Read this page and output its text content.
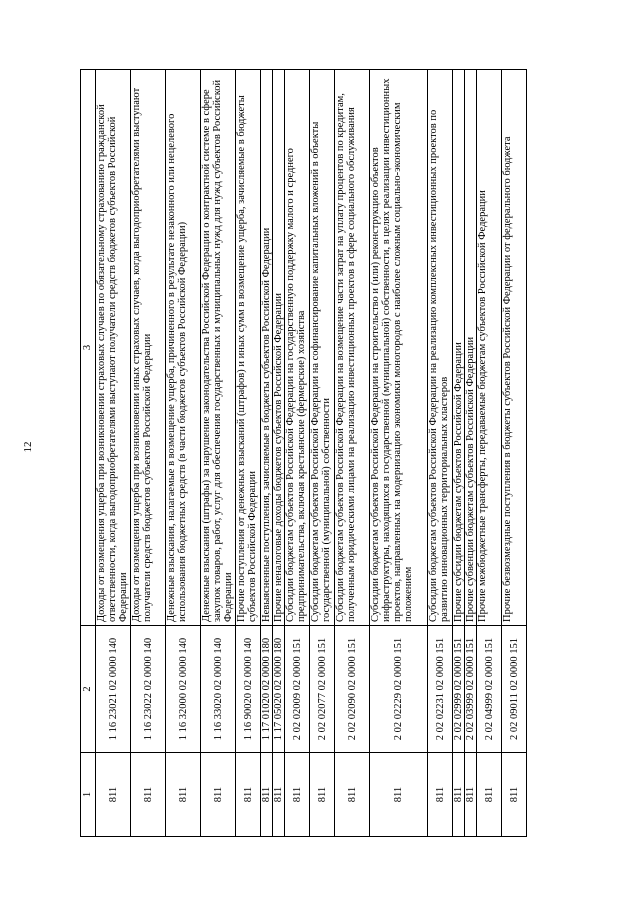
12
1	2	3
811	1 16 23021 02 0000 140	Доходы от возмещения ущерба при возникновении страховых случаев по обязательному страхованию гражданской ответственности, когда выгодоприобретателями выступают получатели средств бюджетов субъектов Российской Федерации
811	1 16 23022 02 0000 140	Доходы от возмещения ущерба при возникновении иных страховых случаев, когда выгодоприобретателями выступают получатели средств бюджетов субъектов Российской Федерации
811	1 16 32000 02 0000 140	Денежные взыскания, налагаемые в возмещение ущерба, причиненного в результате незаконного или нецелевого использования бюджетных средств (в части бюджетов субъектов Российской Федерации)
811	1 16 33020 02 0000 140	Денежные взыскания (штрафы) за нарушение законодательства Российской Федерации о контрактной системе в сфере закупок товаров, работ, услуг для обеспечения государственных и муниципальных нужд для нужд субъектов Российской Федерации
811	1 16 90020 02 0000 140	Прочие поступления от денежных взысканий (штрафов) и иных сумм в возмещение ущерба, зачисляемые в бюджеты субъектов Российской Федерации
811	1 17 01020 02 0000 180	Невыясненные поступления, зачисляемые в бюджеты субъектов Российской Федерации
811	1 17 05020 02 0000 180	Прочие неналоговые доходы бюджетов субъектов Российской Федерации
811	2 02 02009 02 0000 151	Субсидии бюджетам субъектов Российской Федерации на государственную поддержку малого и среднего предпринимательства, включая крестьянские (фермерские) хозяйства
811	2 02 02077 02 0000 151	Субсидии бюджетам субъектов Российской Федерации на софинансирование капитальных вложений в объекты государственной (муниципальной) собственности
811	2 02 02090 02 0000 151	Субсидии бюджетам субъектов Российской Федерации на возмещение части затрат на уплату процентов по кредитам, полученным юридическими лицами на реализацию инвестиционных проектов в сфере социального обслуживания
811	2 02 02229 02 0000 151	Субсидии бюджетам субъектов Российской Федерации на строительство и (или) реконструкцию объектов инфраструктуры, находящихся в государственной (муниципальной) собственности, в целях реализации инвестиционных проектов, направленных на модернизацию экономики моногородов с наиболее сложным социально-экономическим положением
811	2 02 02231 02 0000 151	Субсидии бюджетам субъектов Российской Федерации на реализацию комплексных инвестиционных проектов по развитию инновационных территориальных кластеров
811	2 02 02999 02 0000 151	Прочие субсидии бюджетам субъектов Российской Федерации
811	2 02 03999 02 0000 151	Прочие субвенции бюджетам субъектов Российской Федерации
811	2 02 04999 02 0000 151	Прочие межбюджетные трансферты, передаваемые бюджетам субъектов Российской Федерации
811	2 02 09011 02 0000 151	Прочие безвозмездные поступления в бюджеты субъектов Российской Федерации от федерального бюджета
